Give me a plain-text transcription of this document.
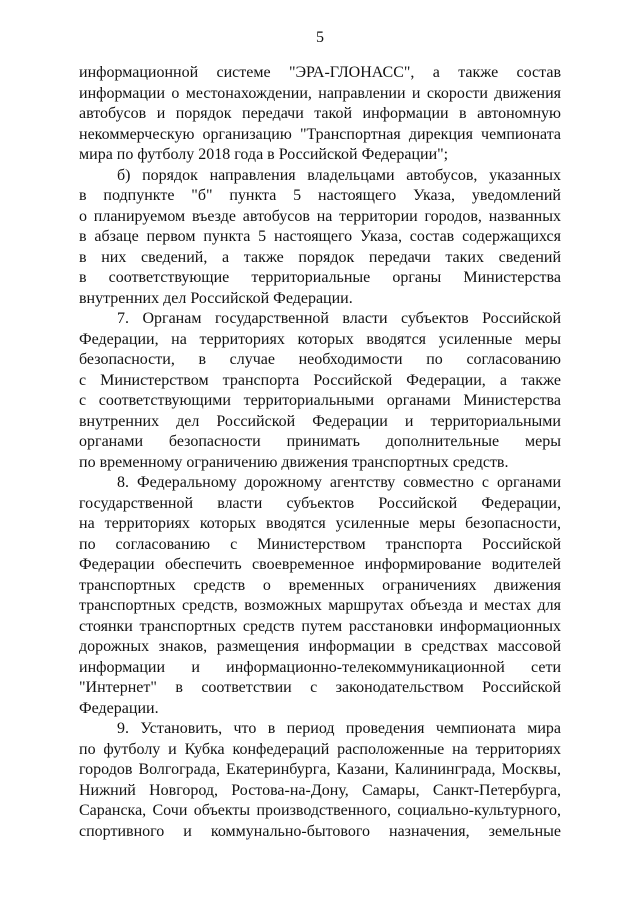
5
информационной системе "ЭРА-ГЛОНАСС", а также состав
информации о местонахождении, направлении и скорости движения
автобусов и порядок передачи такой информации в автономную
некоммерческую организацию "Транспортная дирекция чемпионата
мира по футболу 2018 года в Российской Федерации";
б) порядок направления владельцами автобусов, указанных
в подпункте "б" пункта 5 настоящего Указа, уведомлений
о планируемом въезде автобусов на территории городов, названных
в абзаце первом пункта 5 настоящего Указа, состав содержащихся
в них сведений, а также порядок передачи таких сведений
в соответствующие территориальные органы Министерства
внутренних дел Российской Федерации.
7. Органам государственной власти субъектов Российской
Федерации, на территориях которых вводятся усиленные меры
безопасности, в случае необходимости по согласованию
с Министерством транспорта Российской Федерации, а также
с соответствующими территориальными органами Министерства
внутренних дел Российской Федерации и территориальными
органами безопасности принимать дополнительные меры
по временному ограничению движения транспортных средств.
8. Федеральному дорожному агентству совместно с органами
государственной власти субъектов Российской Федерации,
на территориях которых вводятся усиленные меры безопасности,
по согласованию с Министерством транспорта Российской
Федерации обеспечить своевременное информирование водителей
транспортных средств о временных ограничениях движения
транспортных средств, возможных маршрутах объезда и местах для
стоянки транспортных средств путем расстановки информационных
дорожных знаков, размещения информации в средствах массовой
информации и информационно-телекоммуникационной сети
"Интернет" в соответствии с законодательством Российской
Федерации.
9. Установить, что в период проведения чемпионата мира
по футболу и Кубка конфедераций расположенные на территориях
городов Волгограда, Екатеринбурга, Казани, Калининграда, Москвы,
Нижний Новгород, Ростова-на-Дону, Самары, Санкт-Петербурга,
Саранска, Сочи объекты производственного, социально-культурного,
спортивного и коммунально-бытового назначения, земельные
